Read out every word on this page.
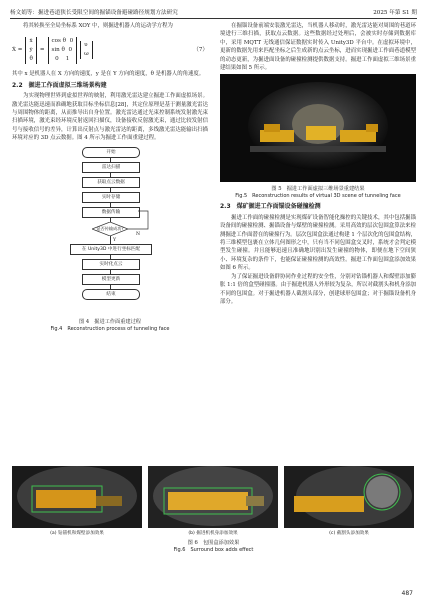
杨文娟等：掘进巷道狭长受限空间的掘锚设备避碰路径规划方法研究	2025 年第 S1 期

将其转换至全局坐标系 XOY 中，则掘进机器人的运动学方程为

Ẋ =
ẋ
ẏ
θ̇
=
cos θ  0
sin θ  0
0    1
υ
ω
（7）

其中 x 是机器人在 X 方向的速度，y 是在 Y 方向的速度，θ 是机器人的角速度。

2.2　掘进工作面虚拟三维场景构建

为实现物理世界到虚拟世界的映射，利用激光雷达建立掘进工作面虚拟场景。激光雷达能迅速而准确地获取目标坐标信息[28]，其定位原理是基于测量激光雷达与周围物体的距离，从而推导出自身位置。激光雷达通过光束控制系统发射激光束扫描环境，激光束经环境反射返回扫描仪，设备接收反射激光束，通过比较发射信号与接收信号的差异，计算出反射点与激光雷达的距离，多线激光雷达能输出扫描环境对应的 3D 点云数据。图 4 所示为掘进工作面重建过程。

开始
雷达扫描
获取点云数据
实时存储
数据传输
是否传输成功?
N
Y
在 Unity3D 中进行坐标匹配
实时化点云
模型更新
结束
图 4　掘进工作面重建过程
Fig.4　Reconstruction process of tunneling face

在掘锚设备前端安装激光雷达，当机器人移动时，激光雷达能对周围的巷道环境进行三维扫描，获取点云数据。这些数据经过处理后，会被实时存储到数据库中，采用 MQTT 无线通信保证数据实时传入 Unity3D 平台中。在虚拟环境中，更新的数据先用来匹配坐标之后生成新的点云坐标，进而实现掘进工作面巷道模型的动态更新，为掘进面设备的碰撞检测提供数据支持。掘进工作面虚拟三维场景重建结果如图 5 所示。

图 5　掘进工作面虚拟三维场景重建结果
Fig.5　Reconstruction results of virtual 3D scene of tunneling face
2.3　煤矿掘进工作面锚设备碰撞检测

掘进工作面的碰撞检测是实现煤矿设备智能化操控的关键技术，其中包括掘锚设备间的碰撞检测、掘锚设备与煤壁的碰撞检测。采用高效的层次包围盒算法来检测掘进工作面潜在的碰撞行为。层次包围盒法通过构建 1 个层次化的包围盒结构，将三维模型包裹在立体几何图形之中，只有当不同包围盒交叉时，系统才会判定模型发生碰撞。并且能够迅速且准确地识别出发生碰撞的物体，即便在地下空间狭小、环境复杂的条件下，也能保证碰撞检测的高效性。掘进工作面包围盒添加效果如图 6 所示。

为了保证掘进设备群协同作业过程的安全性，分别对钻锚机器人和煤壁添加膨胀 1:1 倍的盒型碰撞器。由于掘进机器人外形较为复杂，所以对截割头和机身添加不同的包围盒。对于掘进机器人截割头部分，创建球形包围盒；对于掘锚设备机身部分。

(a) 钻锚机和煤壁添加效果	(b) 掘进机机身添加效果	(c) 截割头添加效果
图 6　包围盒添加效果
Fig.6　Surround box adds effect
487
